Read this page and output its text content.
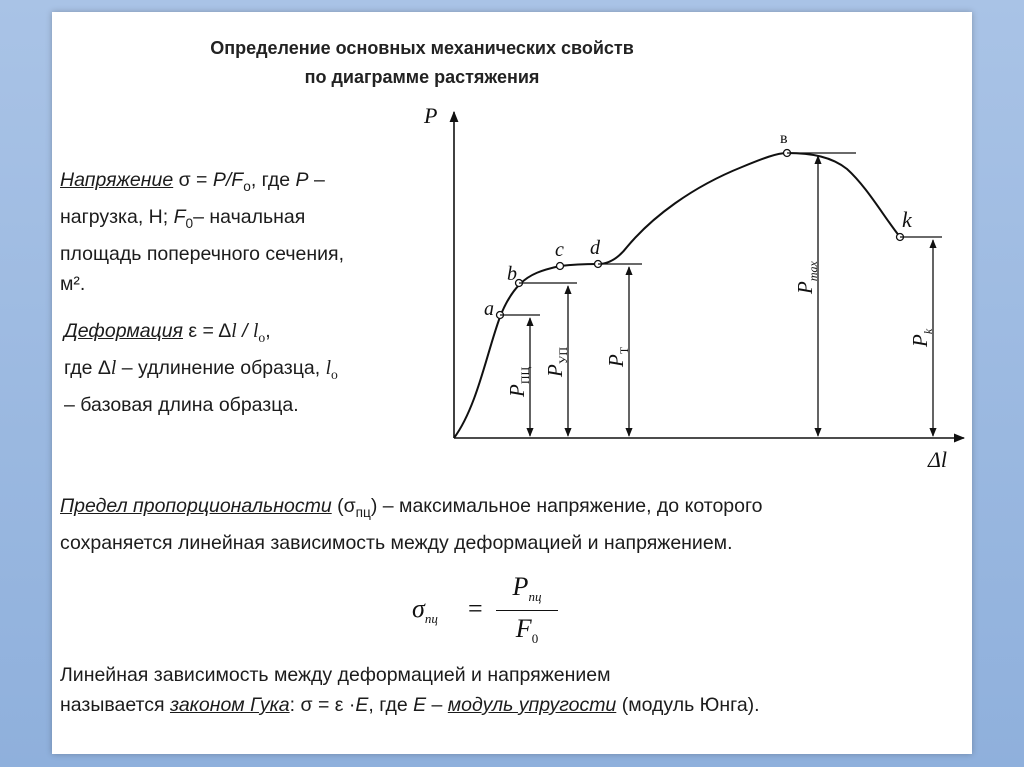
Определение основных механических свойств
по диаграмме растяжения
Напряжение $\sigma = P/F_o$, где P –
нагрузка, Н; $F_0-$ начальная
площадь поперечного сечения,
м².
Деформация $\varepsilon = \Delta l / l_o$,
где Δl – удлинение образца, $l_o$
– базовая длина образца.
P
Δl
a
b
c d
в
k
$P_{ПЦ}$ $P_{УП}$ $P_Т$
$P_{max}$
$P_k$
Предел пропорциональности $(\sigma_{пц})$ – максимальное напряжение, до которого
сохраняется линейная зависимость между деформацией и напряжением.
$\sigma_{пц}$ =
$P_{пц}$
$F_0$
Линейная зависимость между деформацией и напряжением
называется законом Гука: σ = ε ·E, где E – модуль упругости (модуль Юнга).
